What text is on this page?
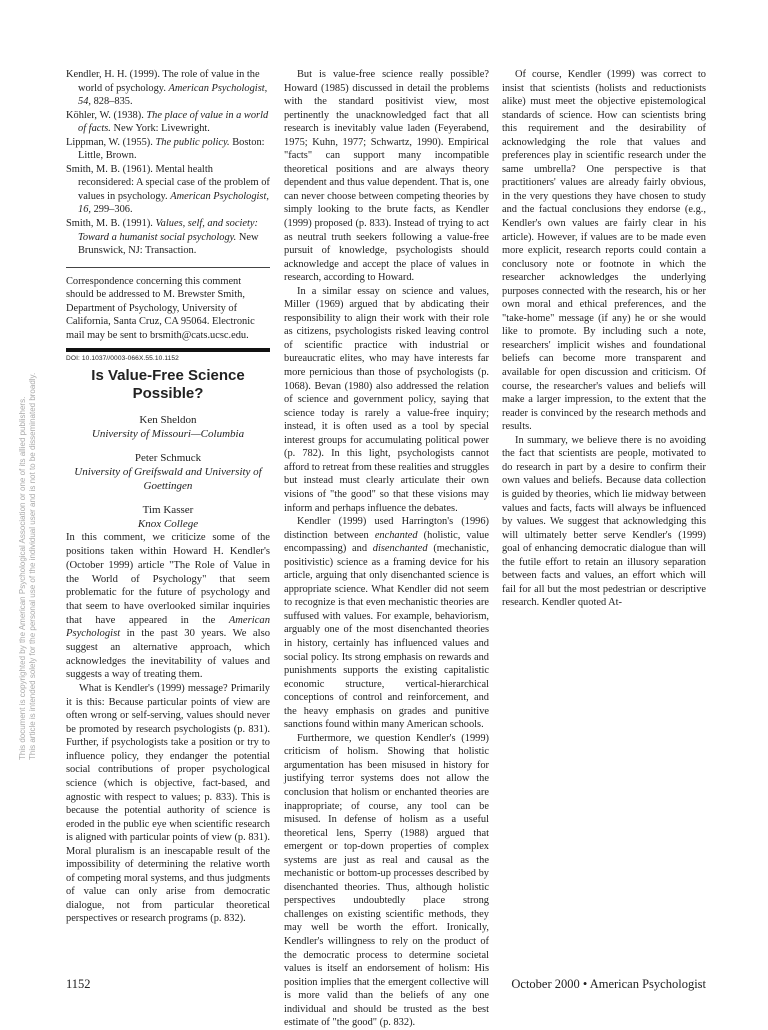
This document is copyrighted by the American Psychological Association or one of its allied publishers. This article is intended solely for the personal use of the individual user and is not to be disseminated broadly.

Kendler, H. H. (1999). The role of value in the world of psychology. American Psychologist, 54, 828–835.

Köhler, W. (1938). The place of value in a world of facts. New York: Livewright.

Lippman, W. (1955). The public policy. Boston: Little, Brown.

Smith, M. B. (1961). Mental health reconsidered: A special case of the problem of values in psychology. American Psychologist, 16, 299–306.

Smith, M. B. (1991). Values, self, and society: Toward a humanist social psychology. New Brunswick, NJ: Transaction.

Correspondence concerning this comment should be addressed to M. Brewster Smith, Department of Psychology, University of California, Santa Cruz, CA 95064. Electronic mail may be sent to brsmith@cats.ucsc.edu.

DOI: 10.1037//0003-066X.55.10.1152
Is Value-Free Science Possible?
Ken Sheldon
University of Missouri—Columbia
Peter Schmuck
University of Greifswald and University of Goettingen
Tim Kasser
Knox College

In this comment, we criticize some of the positions taken within Howard H. Kendler's (October 1999) article "The Role of Value in the World of Psychology" that seem problematic for the future of psychology and that seem to have overlooked similar inquiries that have appeared in the American Psychologist in the past 30 years. We also suggest an alternative approach, which acknowledges the inevitability of values and suggests a way of treating them.

What is Kendler's (1999) message? Primarily it is this: Because particular points of view are often wrong or self-serving, values should never be promoted by research psychologists (p. 831). Further, if psychologists take a position or try to influence policy, they endanger the potential social contributions of proper psychological science (which is objective, fact-based, and agnostic with respect to values; p. 833). This is because the potential authority of science is eroded in the public eye when scientific research is aligned with particular points of view (p. 831). Moral pluralism is an inescapable result of the impossibility of determining the relative worth of competing moral systems, and thus judgments of value can only arise from democratic dialogue, not from particular theoretical perspectives or research programs (p. 832).

But is value-free science really possible? Howard (1985) discussed in detail the problems with the standard positivist view, most pertinently the unacknowledged fact that all research is inevitably value laden (Feyerabend, 1975; Kuhn, 1977; Schwartz, 1990). Empirical "facts" can support many incompatible theoretical positions and are always theory dependent and thus value dependent. That is, one can never choose between competing theories by simply looking to the brute facts, as Kendler (1999) proposed (p. 833). Instead of trying to act as neutral truth seekers following a value-free pursuit of knowledge, psychologists should acknowledge and accept the place of values in research, according to Howard.

In a similar essay on science and values, Miller (1969) argued that by abdicating their responsibility to align their work with their role as citizens, psychologists risked leaving control of scientific practice with industrial or bureaucratic elites, who may have interests far more pernicious than those of psychologists (p. 1068). Bevan (1980) also addressed the relation of science and government policy, saying that science today is rarely a value-free inquiry; instead, it is often used as a tool by special interest groups for accumulating political power (p. 782). In this light, psychologists cannot afford to retreat from these realities and struggles but instead must clearly articulate their own visions of "the good" so that these visions may inform and perhaps influence the debates.

Kendler (1999) used Harrington's (1996) distinction between enchanted (holistic, value encompassing) and disenchanted (mechanistic, positivistic) science as a framing device for his article, arguing that only disenchanted science is appropriate science. What Kendler did not seem to recognize is that even mechanistic theories are suffused with values. For example, behaviorism, arguably one of the most disenchanted theories in history, certainly has influenced values and social policy. Its strong emphasis on rewards and punishments supports the existing capitalistic economic structure, vertical-hierarchical conceptions of control and reinforcement, and the heavy emphasis on grades and punitive sanctions found within many American schools.

Furthermore, we question Kendler's (1999) criticism of holism. Showing that holistic argumentation has been misused in history for justifying terror systems does not allow the conclusion that holism or enchanted theories are inappropriate; of course, any tool can be misused. In defense of holism as a useful theoretical lens, Sperry (1988) argued that emergent or top-down properties of complex systems are just as real and causal as the mechanistic or bottom-up processes described by disenchanted theories. Thus, although holistic perspectives undoubtedly place strong challenges on existing scientific methods, they may well be worth the effort. Ironically, Kendler's willingness to rely on the product of the democratic process to determine societal values is itself an endorsement of holism: His position implies that the emergent collective will is more valid than the beliefs of any one individual and should be trusted as the best estimate of "the good" (p. 832).

Of course, Kendler (1999) was correct to insist that scientists (holists and reductionists alike) must meet the objective epistemological standards of science. How can scientists bring this requirement and the desirability of acknowledging the role that values and preferences play in scientific research under the same umbrella? One perspective is that practitioners' values are already fairly obvious, in the very questions they have chosen to study and the factual conclusions they endorse (e.g., Kendler's own values are fairly clear in his article). However, if values are to be made even more explicit, research reports could contain a conclusory note or footnote in which the researcher acknowledges the underlying purposes connected with the research, his or her own moral and ethical preferences, and the "take-home" message (if any) he or she would like to promote. By including such a note, researchers' implicit wishes and foundational beliefs can become more transparent and available for open discussion and criticism. Of course, the researcher's values and beliefs will make a larger impression, to the extent that the reader is convinced by the research methods and results.

In summary, we believe there is no avoiding the fact that scientists are people, motivated to do research in part by a desire to confirm their own values and beliefs. Because data collection is guided by theories, which lie midway between values and facts, facts will always be influenced by values. We suggest that acknowledging this will ultimately better serve Kendler's (1999) goal of enhancing democratic dialogue than will the futile effort to retain an illusory separation between facts and values, an effort which will fail for all but the most pedestrian or descriptive research. Kendler quoted At-

1152	October 2000 • American Psychologist
